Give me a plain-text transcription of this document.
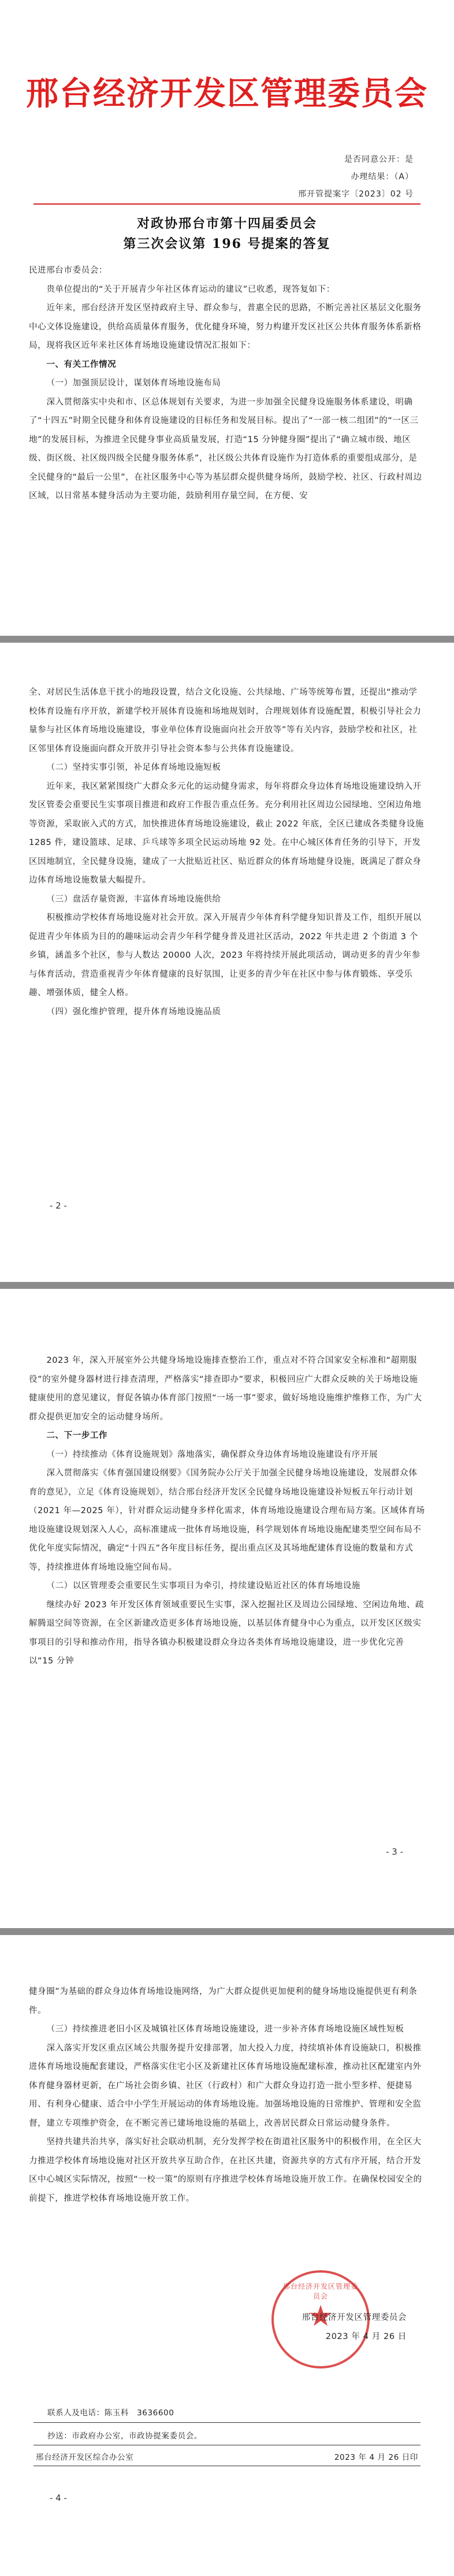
邢台经济开发区管理委员会
是否同意公开：是
办理结果：（A）
邢开管提案字〔2023〕02 号
对政协邢台市第十四届委员会
第三次会议第 196 号提案的答复

民进邢台市委员会：

贵单位提出的“关于开展青少年社区体育运动的建议”已收悉，现答复如下：

近年来，邢台经济开发区坚持政府主导、群众参与，普惠全民的思路，不断完善社区基层文化服务中心文体设施建设，供给高质量体育服务，优化健身环境，努力构建开发区社区公共体育服务体系新格局，现将我区近年来社区体育场地设施建设情况汇报如下：

一、有关工作情况

（一）加强顶层设计，谋划体育场地设施布局

深入贯彻落实中央和市、区总体规划有关要求，为进一步加强全民健身设施服务体系建设，明确了“十四五”时期全民健身和体育设施建设的目标任务和发展目标。提出了“一部一核二组团”的“一区三地”的发展目标，为推进全民健身事业高质量发展，打造“15 分钟健身圈”提出了“确立城市级、地区级、街区级、社区级四级全民健身服务体系”，社区级公共体育设施作为打造体系的重要组成部分，是全民健身的“最后一公里”，在社区服务中心等为基层群众提供健身场所，鼓励学校、社区、行政村周边区域，以日常基本健身活动为主要功能，鼓励利用存量空间，在方便、安

全、对居民生活体息干扰小的地段设置，结合文化设施、公共绿地、广场等统筹布置，还提出“推动学校体育设施有序开放，新建学校开展体育设施和场地规划时，合理规划体育设施配置，积极引导社会力量参与社区体育场地设施建设，事业单位体育设施面向社会开放等”等有关内容，鼓励学校和社区，社区邻里体育设施面向群众开放并引导社会资本参与公共体育设施建设。

（二）坚持实事引领，补足体育场地设施短板

近年来，我区紧紧围绕广大群众多元化的运动健身需求，每年将群众身边体育场地设施建设纳入开发区管委会重要民生实事项目推进和政府工作报告重点任务。充分利用社区周边公园绿地、空闲边角地等资源，采取嵌入式的方式，加快推进体育场地设施建设，截止 2022 年底，全区已建成各类健身设施 1285 件，建设篮球、足球、乒乓球等多项全民运动场地 92 处。在中心城区体育任务的引导下，开发区因地制宜，全民健身设施，建成了一大批贴近社区、贴近群众的体育场地健身设施，既满足了群众身边体育场地设施数量大幅提升。

（三）盘活存量资源，丰富体育场地设施供给

积极推动学校体育场地设施对社会开放。深入开展青少年体育科学健身知识普及工作，组织开展以促进青少年体质为目的的趣味运动会青少年科学健身普及进社区活动，2022 年共走进 2 个街道 3 个乡镇，涵盖多个社区，参与人数达 20000 人次，2023 年将持续开展此项活动，调动更多的青少年参与体育活动，营造重视青少年体育健康的良好氛围，让更多的青少年在社区中参与体育锻炼、享受乐趣、增强体质，健全人格。

（四）强化维护管理，提升体育场地设施品质

- 2 -

2023 年，深入开展室外公共健身场地设施排查整治工作，重点对不符合国家安全标准和“超期服役”的室外健身器材进行排查清理，严格落实“排查即办”要求，积极回应广大群众反映的关于场地设施健康使用的意见建议，督促各镇办体育部门按照“一场一事”要求，做好场地设施维护维修工作，为广大群众提供更加安全的运动健身场所。

二、下一步工作

（一）持续推动《体育设施规划》落地落实，确保群众身边体育场地设施建设有序开展

深入贯彻落实《体育强国建设纲要》《国务院办公厅关于加强全民健身场地设施建设，发展群众体育的意见》，立足《体育设施规划》，结合邢台经济开发区全民健身场地设施建设补短板五年行动计划（2021 年—2025 年），针对群众运动健身多样化需求，体育场地设施建设合理布局方案。区域体育场地设施建设规划深入人心，高标准建成一批体育场地设施，科学规划体育场地设施配建类型空间布局不优化年度实际情况，确定“十四五”各年度目标任务，提出重点区及其场地配建体育设施的数量和方式等，持续推进体育场地设施空间布局。

（二）以区管理委会重要民生实事项目为牵引，持续建设贴近社区的体育场地设施

继续办好 2023 年开发区体育领域重要民生实事，深入挖掘社区及周边公园绿地、空闲边角地、疏解腾退空间等资源，在全区新建改造更多体育场地设施，以基层体育健身中心为重点，以开发区区级实事项目的引导和推动作用，指导各镇办积极建设群众身边各类体育场地设施建设，进一步优化完善以“15 分钟

- 3 -

健身圈”为基础的群众身边体育场地设施网络，为广大群众提供更加便利的健身场地设施提供更有利条件。

（三）持续推进老旧小区及城镇社区体育场地设施建设，进一步补齐体育场地设施区域性短板

深入落实开发区重点区域公共服务提升安排部署，加大投入力度，持续填补体育设施缺口，积极推进体育场地设施配套建设，严格落实住宅小区及新建社区体育场地设施配建标准，推动社区配建室内外体育健身器材更新，在广场社会街乡镇、社区（行政村）和广大群众身边打造一批小型多样、便捷易用、有利身心健康、适合中小学生开展运动的体育场地设施。加强场地设施的日常维护、管理和安全监督，建立专项维护资金，在不断完善已建场地设施的基础上，改善居民群众日常运动健身条件。

坚持共建共治共享，落实好社会联动机制，充分发挥学校在街道社区服务中的积极作用，在全区大力推进学校体育场地设施对社区开放共享互助合作，在社区共建，资源共享的方式有序开展，结合开发区中心城区实际情况，按照“一校一策”的原则有序推进学校体育场地设施开放工作。在确保校园安全的前提下，推进学校体育场地设施开放工作。

邢台经济开发区管理委员会
★
邢台经济开发区管理委员会
2023 年 4 月 26 日
联系人及电话：陈玉科　3636600
抄送：市政府办公室，市政协提案委员会。
邢台经济开发区综合办公室	2023 年 4 月 26 日印
- 4 -
